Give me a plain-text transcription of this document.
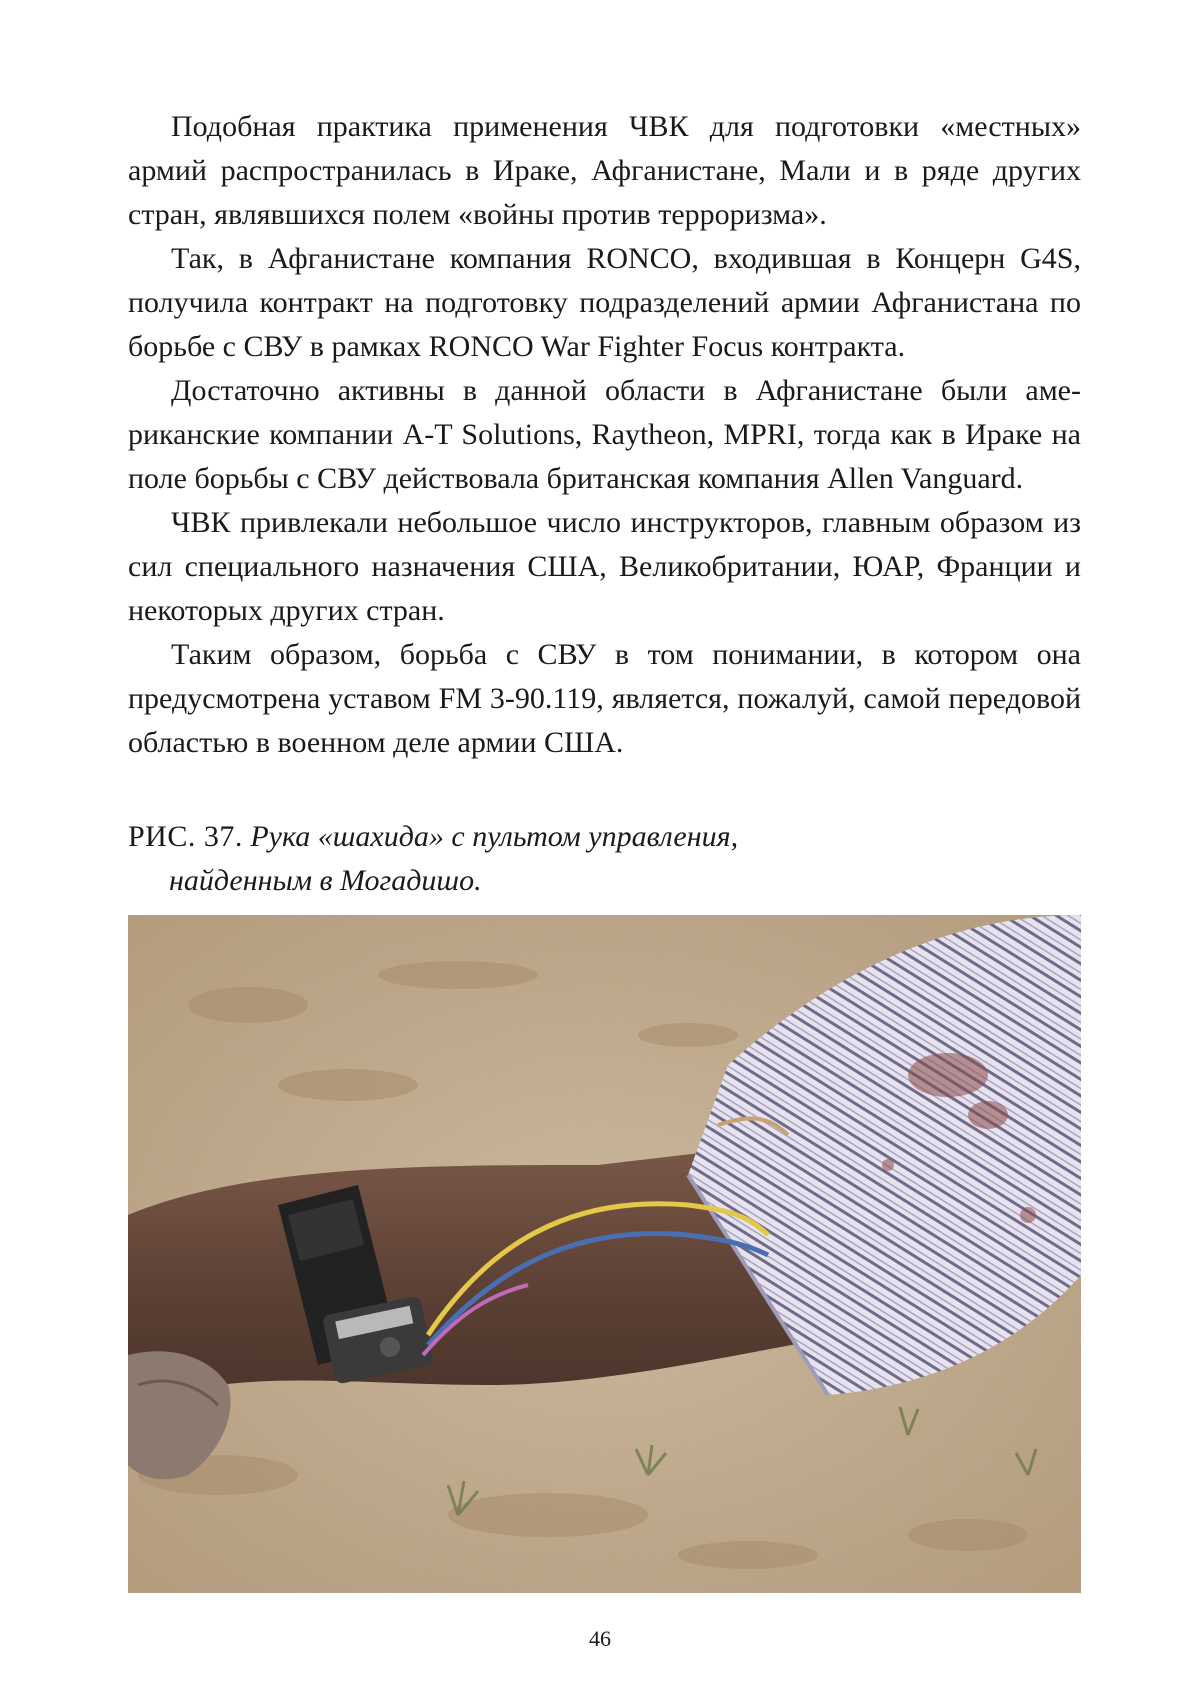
Подобная практика применения ЧВК для подготовки «местных» армий распространилась в Ираке, Афганистане, Мали и в ряде других стран, являвшихся полем «войны против терроризма».

Так, в Афганистане компания RONCO, входившая в Концерн G4S, получила контракт на подготовку подразделений армии Афганистана по борьбе с СВУ в рамках RONCO War Fighter Focus контракта.

Достаточно активны в данной области в Афганистане были американские компании A-T Solutions, Raytheon, MPRI, тогда как в Ираке на поле борьбы с СВУ действовала британская компания Allen Vanguard.

ЧВК привлекали небольшое число инструкторов, главным образом из сил специального назначения США, Великобритании, ЮАР, Франции и некоторых других стран.

Таким образом, борьба с СВУ в том понимании, в котором она предусмотрена уставом FM 3-90.119, является, пожалуй, самой передовой областью в военном деле армии США.

РИС. 37. Рука «шахида» с пультом управления,
найденным в Могадишо.
46
